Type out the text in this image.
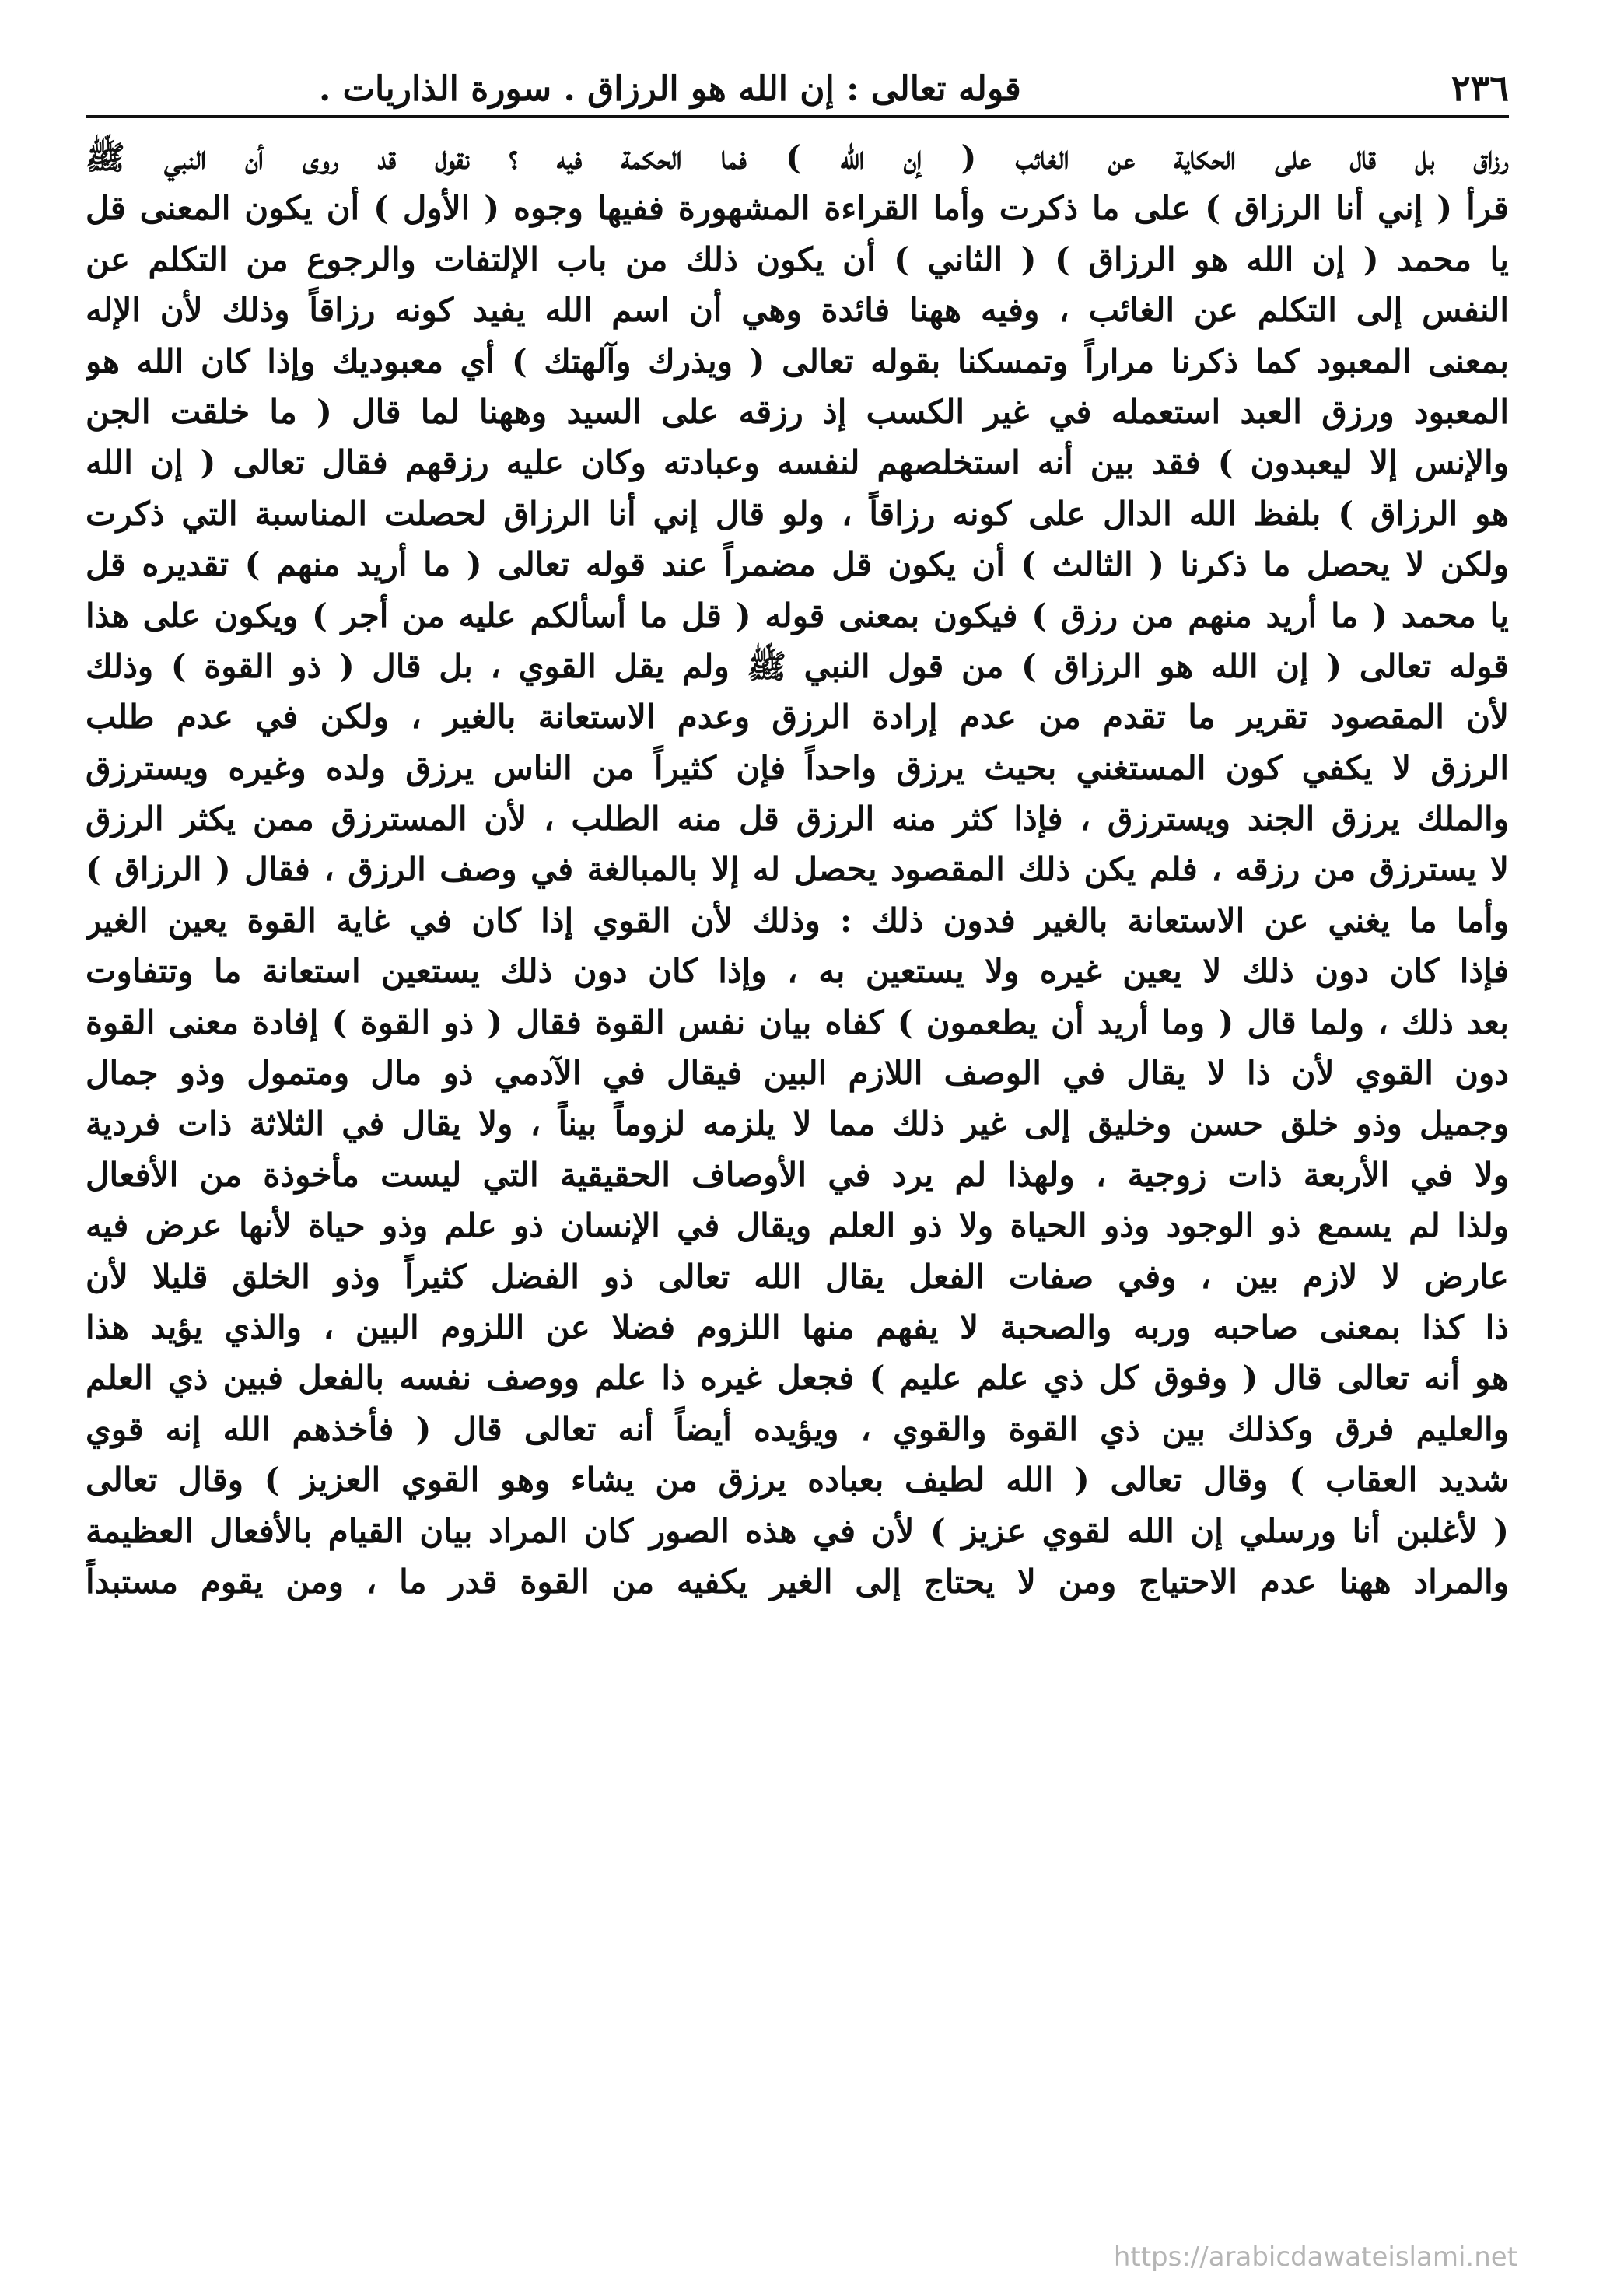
٢٣٦
قوله تعالى : إن الله هو الرزاق . سورة الذاريات .
رزاق بل قال على الحكاية عن الغائب ( إن الله ) فما الحكمة فيه ؟ نقول قد روى أن النبي ﷺ
قرأ ( إني أنا الرزاق ) على ما ذكرت وأما القراءة المشهورة ففيها وجوه ( الأول ) أن يكون المعنى قل
يا محمد ( إن الله هو الرزاق ) ( الثاني ) أن يكون ذلك من باب الإلتفات والرجوع من التكلم عن
النفس إلى التكلم عن الغائب ، وفيه ههنا فائدة وهي أن اسم الله يفيد كونه رزاقاً وذلك لأن الإله
بمعنى المعبود كما ذكرنا مراراً وتمسكنا بقوله تعالى ( ويذرك وآلهتك ) أي معبوديك وإذا كان الله هو
المعبود ورزق العبد استعمله في غير الكسب إذ رزقه على السيد وههنا لما قال ( ما خلقت الجن
والإنس إلا ليعبدون ) فقد بين أنه استخلصهم لنفسه وعبادته وكان عليه رزقهم فقال تعالى ( إن الله
هو الرزاق ) بلفظ الله الدال على كونه رزاقاً ، ولو قال إني أنا الرزاق لحصلت المناسبة التي ذكرت
ولكن لا يحصل ما ذكرنا ( الثالث ) أن يكون قل مضمراً عند قوله تعالى ( ما أريد منهم ) تقديره قل
يا محمد ( ما أريد منهم من رزق ) فيكون بمعنى قوله ( قل ما أسألكم عليه من أجر ) ويكون على هذا
قوله تعالى ( إن الله هو الرزاق ) من قول النبي ﷺ ولم يقل القوي ، بل قال ( ذو القوة ) وذلك
لأن المقصود تقرير ما تقدم من عدم إرادة الرزق وعدم الاستعانة بالغير ، ولكن في عدم طلب
الرزق لا يكفي كون المستغني بحيث يرزق واحداً فإن كثيراً من الناس يرزق ولده وغيره ويسترزق
والملك يرزق الجند ويسترزق ، فإذا كثر منه الرزق قل منه الطلب ، لأن المسترزق ممن يكثر الرزق
لا يسترزق من رزقه ، فلم يكن ذلك المقصود يحصل له إلا بالمبالغة في وصف الرزق ، فقال ( الرزاق )
وأما ما يغني عن الاستعانة بالغير فدون ذلك : وذلك لأن القوي إذا كان في غاية القوة يعين الغير
فإذا كان دون ذلك لا يعين غيره ولا يستعين به ، وإذا كان دون ذلك يستعين استعانة ما وتتفاوت
بعد ذلك ، ولما قال ( وما أريد أن يطعمون ) كفاه بيان نفس القوة فقال ( ذو القوة ) إفادة معنى القوة
دون القوي لأن ذا لا يقال في الوصف اللازم البين فيقال في الآدمي ذو مال ومتمول وذو جمال
وجميل وذو خلق حسن وخليق إلى غير ذلك مما لا يلزمه لزوماً بيناً ، ولا يقال في الثلاثة ذات فردية
ولا في الأربعة ذات زوجية ، ولهذا لم يرد في الأوصاف الحقيقية التي ليست مأخوذة من الأفعال
ولذا لم يسمع ذو الوجود وذو الحياة ولا ذو العلم ويقال في الإنسان ذو علم وذو حياة لأنها عرض فيه
عارض لا لازم بين ، وفي صفات الفعل يقال الله تعالى ذو الفضل كثيراً وذو الخلق قليلا لأن
ذا كذا بمعنى صاحبه وربه والصحبة لا يفهم منها اللزوم فضلا عن اللزوم البين ، والذي يؤيد هذا
هو أنه تعالى قال ( وفوق كل ذي علم عليم ) فجعل غيره ذا علم ووصف نفسه بالفعل فبين ذي العلم
والعليم فرق وكذلك بين ذي القوة والقوي ، ويؤيده أيضاً أنه تعالى قال ( فأخذهم الله إنه قوي
شديد العقاب ) وقال تعالى ( الله لطيف بعباده يرزق من يشاء وهو القوي العزيز ) وقال تعالى
( لأغلبن أنا ورسلي إن الله لقوي عزيز ) لأن في هذه الصور كان المراد بيان القيام بالأفعال العظيمة
والمراد ههنا عدم الاحتياج ومن لا يحتاج إلى الغير يكفيه من القوة قدر ما ، ومن يقوم مستبداً
https://arabicdawateislami.net
